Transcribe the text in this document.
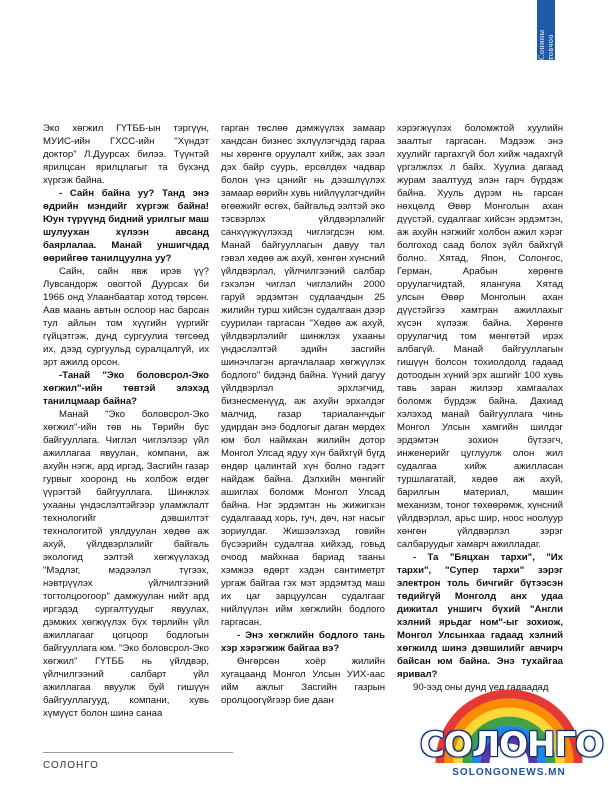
Сонины товчоо

Эко хөгжил ГҮТББ-ын тэргүүн, МУИС-ийн ГХСС-ийн "Хүндэт доктор" Л.Дуурсах билээ. Түүнтэй ярилцсан ярилцлагыг та бүхэнд хүргэж байна.

- Сайн байна уу? Танд энэ өдрийн мэндийг хүргэж байна! Юун түрүүнд бидний урилгыг маш шулуухан хүлээн авсанд баярлалаа. Манай уншигчдад өөрийгөө танилцуулна уу?

Сайн, сайн явж ирэв үү? Лувсандорж овогтой Дуурсах би 1966 онд Улаанбаатар хотод төрсөн. Аав маань автын ослоор нас барсан тул айлын том хүүгийн үүргийг гүйцэтгэж, дунд сургуулиа төгсөөд их, дээд сургуульд суралцалгүй, их эрт ажилд орсон.

-Танай "Эко боловсрол-Эко хөгжил"-ийн төвтэй элэхэд танилцмаар байна?

Манай "Эко боловсрол-Эко хөгжил"-ийн төв нь Төрийн бус байгууллага. Чиглэл чиглэлээр үйл ажиллагаа явуулан, компани, аж ахуйн нэгж, ард иргэд, Засгийн газар гурвыг хооронд нь холбож өгдөг үүрэгтэй байгууллага. Шинжлэх ухааны үндэслэлтэйгээр уламжлалт технологийг дэвшилтэт технологитой уялдуулан хөдөө аж ахуй, үйлдвэрлэлийг байгаль экологид ээлтэй хөгжүүлэхэд "Мэдлэг, мэдээлэл түгээх, нэвтрүүлэх үйлчилгээний тогтолцоогоор" дамжуулан нийт ард иргэдэд сургалтуудыг явуулах, дэмжих хөгжүүлэх бүх төрлийн үйл ажиллагааг цогцоор бодлогын байгууллага юм. "Эко боловсрол-Эко хөгжил" ГҮТББ нь үйлдвэр, үйлчилгээний салбарт үйл ажиллагаа явуулж буй гишүүн байгууллагууд, компани, хувь хүмүүст болон шинэ санаа

гарган төслөө дэмжүүлэх замаар хандсан бизнес эхлүүлэгчдэд гараа ны хөрөнгө оруулалт хийж, зах зээл дэх байр суурь, ерсөлдөх чадвар болон үнэ цэнийг нь дээшлүүлэх замаар өөрийн хувь нийлүүлэгчдийн өгөөжийг өсгөх, байгальд ээлтэй эко тэсвэрлэх үйлдвэрлэлийг санхүүжүүлэхэд чиглэгдсэн юм. Манай байгууллагын давуу тал гэвэл хөдөө аж ахуй, хөнгөн хүнсний үйлдвэрлэл, үйлчилгээний салбар гэхэлэн чиглэл чиглэлийн 2000 гаруй эрдэмтэн судлаачдын 25 жилийн турш хийсэн судалгаан дээр суурилан гаргасан "Хөдөө аж ахуй, үйлдвэрлэлийг шинжлэх ухааны үндэслэлтэй эдийн засгийн шинэчлэгэн аргачлалаар хөгжүүлэх бодлого" бидэнд байна. Үүний дагуу үйлдвэрлэл эрхлэгчид, бизнесменүүд, аж ахуйн эрхэлдэг малчид, газар тариаланчдыг удирдан энэ бодлогыг даган мөрдөх юм бол наймхан жилийн дотор Монгол Улсад ядуу хүн байхгүй бүгд өндөр цалинтай хүн болно гэдэгт найдаж байна. Дэлхийн мөнгийг ашиглах боломж Монгол Улсад байна. Нэг эрдэмтэн нь жижигхэн судалгааад хорь, гуч, дөч, нэг насыг зориулдаг. Жишээлэхэд говийн бүсээрийн судалгаа хийхэд, говьд очоод майхнаа бариад тааны хэмжээ өдөрт хэдэн сантиметрт ургаж байгаа гэх мэт эрдэмтэд маш их цаг зарцуулсан судалгааг нийлүүлэн ийм хөгжлийн бодлого гаргасан.

- Энэ хөгжлийн бодлого тань хэр хэрэгжиж байгаа вэ?

Өнгөрсөн хоёр жилийн хугацаанд Монгол Улсын УИХ-аас ийм ажлыг Засгийн газрын оролцоогүйгээр бие даан

хэрэгжүүлэх боломжтой хуулийн заалтыг гаргасан. Мэдээж энэ хуулийг гаргахгүй бол хийж чадахгүй үргэлжлэх л байх. Хуулиа дагаад журам заалтууд элэн гарч бүрдэж байна. Хууль дүрэм нь гарсан нөхцөлд Өвөр Монголын ахан дүүстэй, судалгааг хийсэн эрдэмтэн, аж ахуйн нэгжийг холбон ажил хэрэг болгоход саад болох зүйл байхгүй болно. Хятад, Япон, Солонгос, Герман, Арабын хөрөнгө оруулагчидтай, ялангуяа Хятад улсын Өвөр Монголын ахан дүүстэйгээ хамтран ажиллахыг хүсэн хүлээж байна. Хөрөнгө оруулагчид том мөнгөтэй ирэх албагүй. Манай байгууллагын гишүүн болсон тохиолдолд гадаад дотоодын хүний эрх ашгийг 100 хувь тавь заран жилээр хамгаалах боломж бүрдэж байна. Дахиад хэлэхэд манай байгууллага чинь Монгол Улсын хамгийн шилдэг эрдэмтэн зохион бүтээгч, инженерийг цуглуулж олон жил судалгаа хийж ажилласан туршлагатай, хөдөө аж ахуй, барилгын материал, машин механизм, тоног төхөөрөмж, хүнсний үйлдвэрлэл, арьс шир, ноос ноолуур хөнгөн үйлдвэрлэл зэрэг салбаруудыг хамарч ажилладаг.

- Та "Бяцхан тархи", "Их тархи", "Супер тархи" зэрэг электрон толь бичгийг бүтээсэн төдийгүй Монголд анх удаа дижитал уншигч бүхий "Англи хэлний ярьдаг ном"-ыг зохиож, Монгол Улсынхаа гадаад хэлний хөгжилд шинэ дэвшилийг авчирч байсан юм байна. Энэ тухайгаа яривал?

90-ээд оны дунд үед гадаадад

СОЛОНГО
СОЛОНГО
SOLONGONEWS.MN
